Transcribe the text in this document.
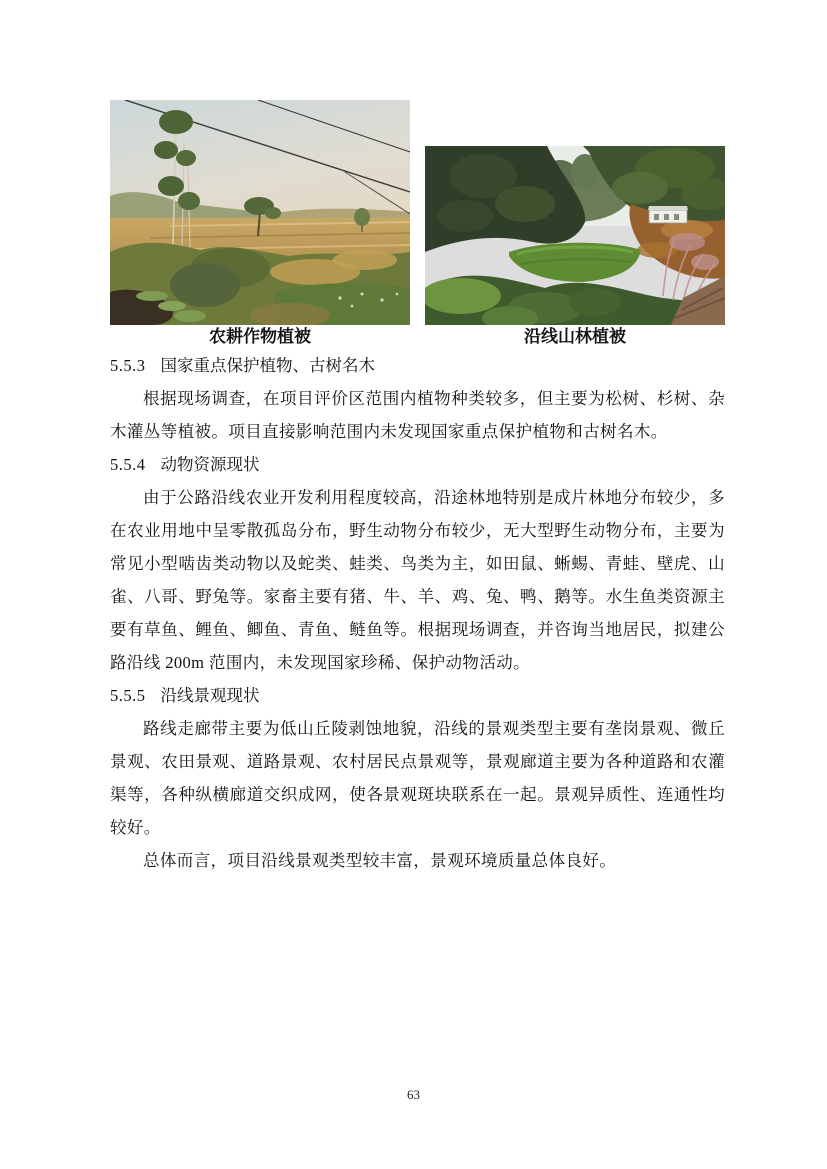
农耕作物植被	沿线山林植被
5.5.3 国家重点保护植物、古树名木

根据现场调查，在项目评价区范围内植物种类较多，但主要为松树、杉树、杂木灌丛等植被。项目直接影响范围内未发现国家重点保护植物和古树名木。

5.5.4 动物资源现状

由于公路沿线农业开发利用程度较高，沿途林地特别是成片林地分布较少，多在农业用地中呈零散孤岛分布，野生动物分布较少，无大型野生动物分布，主要为常见小型啮齿类动物以及蛇类、蛙类、鸟类为主，如田鼠、蜥蜴、青蛙、壁虎、山雀、八哥、野兔等。家畜主要有猪、牛、羊、鸡、兔、鸭、鹅等。水生鱼类资源主要有草鱼、鲤鱼、鲫鱼、青鱼、鲢鱼等。根据现场调查，并咨询当地居民，拟建公路沿线 200m 范围内，未发现国家珍稀、保护动物活动。

5.5.5 沿线景观现状

路线走廊带主要为低山丘陵剥蚀地貌，沿线的景观类型主要有垄岗景观、微丘景观、农田景观、道路景观、农村居民点景观等，景观廊道主要为各种道路和农灌渠等，各种纵横廊道交织成网，使各景观斑块联系在一起。景观异质性、连通性均较好。

总体而言，项目沿线景观类型较丰富，景观环境质量总体良好。

63
